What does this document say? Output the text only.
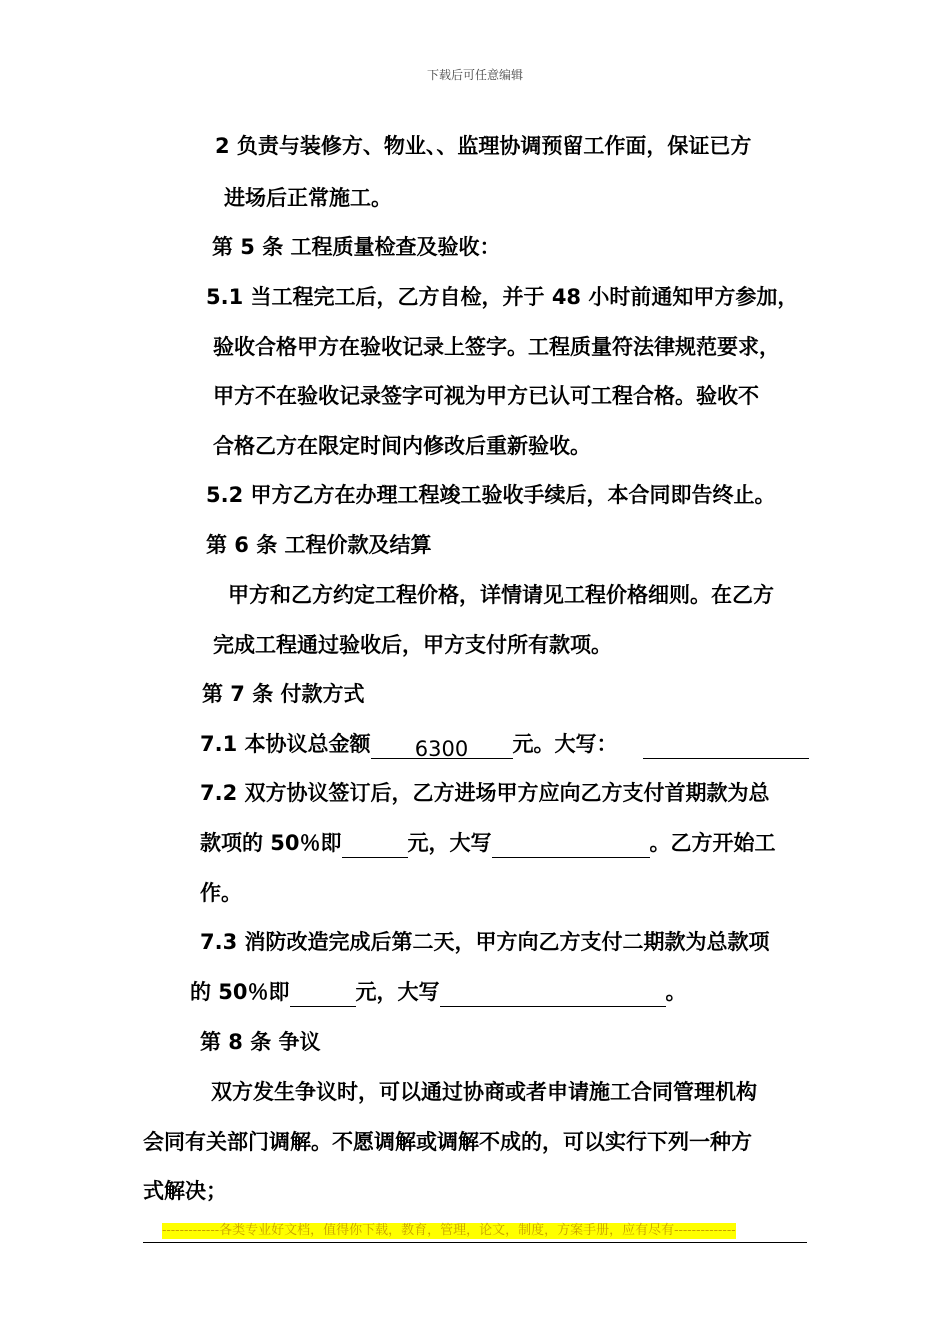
下载后可任意编辑
2 负责与装修方、物业、、监理协调预留工作面，保证已方
进场后正常施工。
第 5 条 工程质量检查及验收：
5.1 当工程完工后，乙方自检，并于 48 小时前通知甲方参加，
验收合格甲方在验收记录上签字。工程质量符法律规范要求，
甲方不在验收记录签字可视为甲方已认可工程合格。验收不
合格乙方在限定时间内修改后重新验收。
5.2 甲方乙方在办理工程竣工验收手续后，本合同即告终止。
第 6 条 工程价款及结算
甲方和乙方约定工程价格，详情请见工程价格细则。在乙方
完成工程通过验收后，甲方支付所有款项。
第 7 条 付款方式
7.1 本协议总金额 6300 元。大写：
7.2 双方协议签订后，乙方进场甲方应向乙方支付首期款为总
款项的 50％即	元，大写	。乙方开始工
作。
7.3 消防改造完成后第二天，甲方向乙方支付二期款为总款项
的 50％即	元，大写	。
第 8 条 争议
双方发生争议时，可以通过协商或者申请施工合同管理机构
会同有关部门调解。不愿调解或调解不成的，可以实行下列一种方
式解决；
-------------各类专业好文档，值得你下载，教育，管理，论文，制度，方案手册，应有尽有--------------
